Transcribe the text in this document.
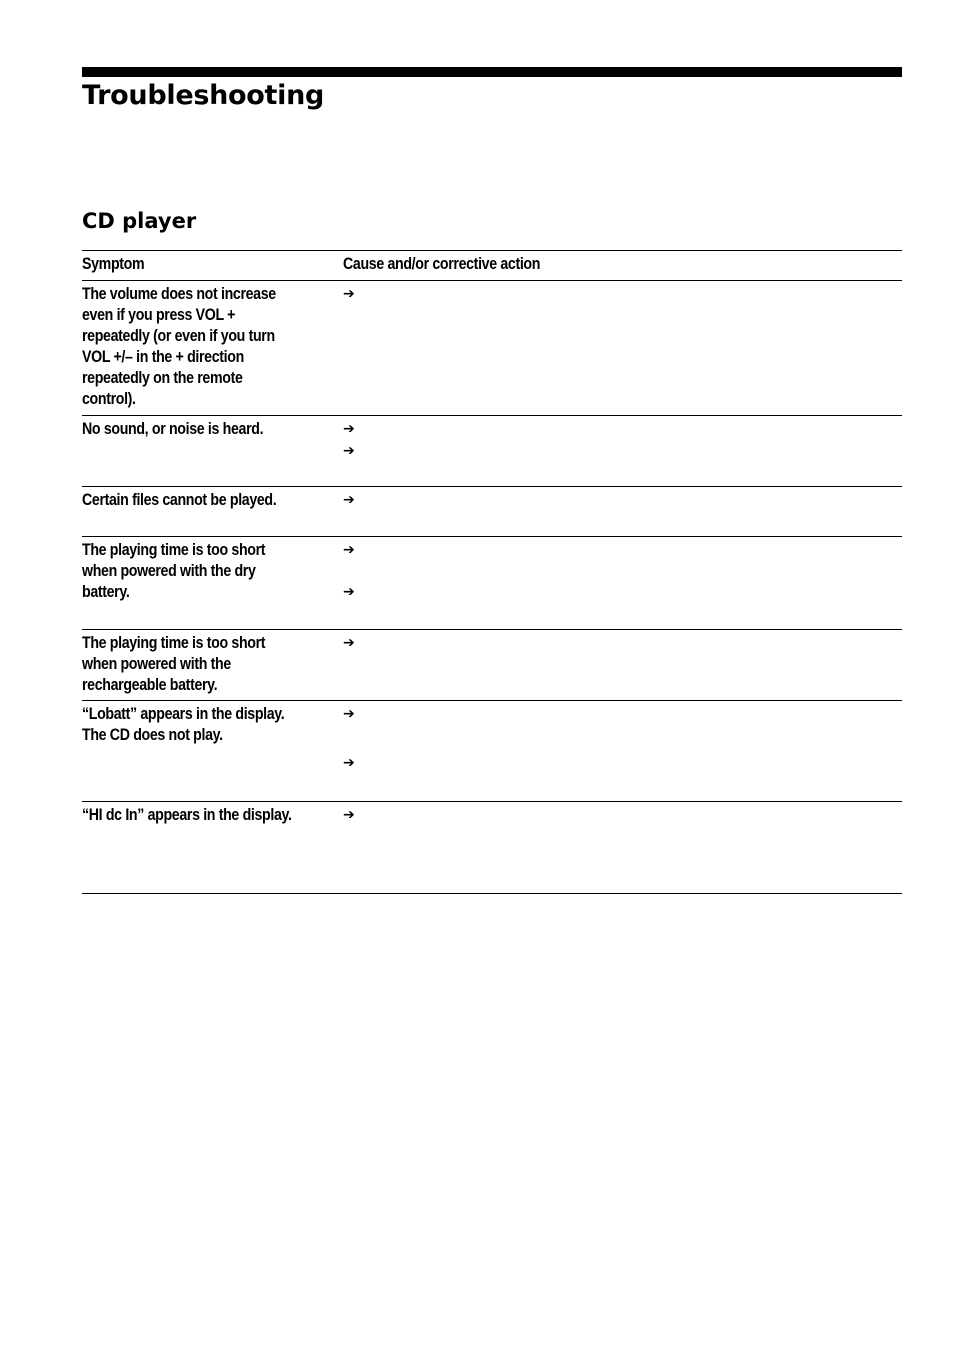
Troubleshooting
CD player
Symptom	Cause and/or corrective action

The volume does not increase even if you press VOL + repeatedly (or even if you turn VOL +/– in the + direction repeatedly on the remote control).	➔

No sound, or noise is heard.	➔
➔

Certain files cannot be played.	➔

The playing time is too short when powered with the dry battery.	➔
➔

The playing time is too short when powered with the rechargeable battery.	➔

“Lobatt” appears in the display. The CD does not play.	➔
➔

“HI dc In” appears in the display.	➔
